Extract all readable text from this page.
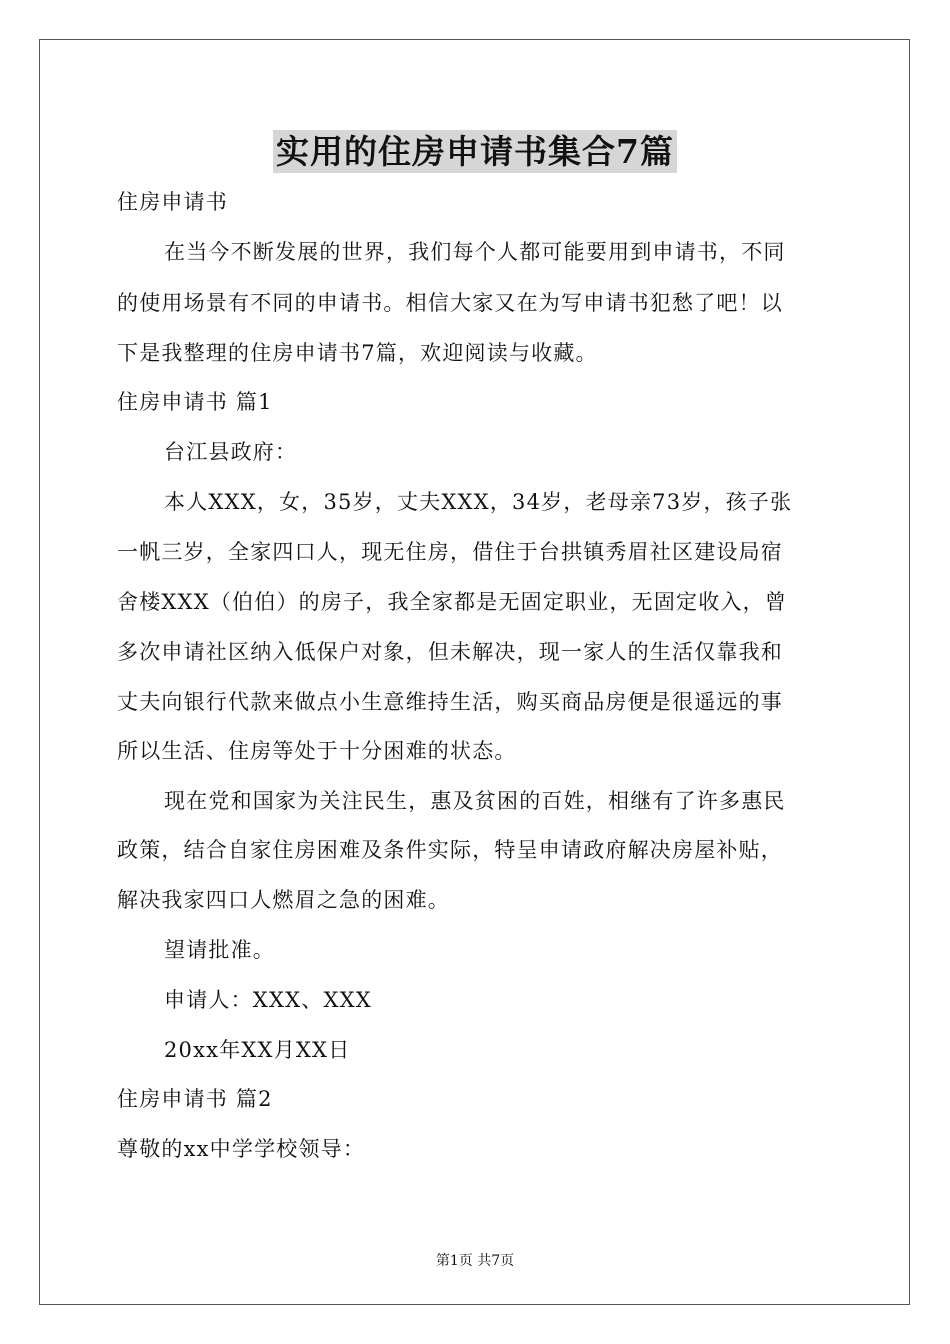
实用的住房申请书集合7篇
住房申请书
在当今不断发展的世界，我们每个人都可能要用到申请书，不同
的使用场景有不同的申请书。相信大家又在为写申请书犯愁了吧！以
下是我整理的住房申请书7篇，欢迎阅读与收藏。
住房申请书 篇1
台江县政府：
本人XXX，女，35岁，丈夫XXX，34岁，老母亲73岁，孩子张
一帆三岁，全家四口人，现无住房，借住于台拱镇秀眉社区建设局宿
舍楼XXX（伯伯）的房子，我全家都是无固定职业，无固定收入，曾
多次申请社区纳入低保户对象，但未解决，现一家人的生活仅靠我和
丈夫向银行代款来做点小生意维持生活，购买商品房便是很遥远的事
所以生活、住房等处于十分困难的状态。
现在党和国家为关注民生，惠及贫困的百姓，相继有了许多惠民
政策，结合自家住房困难及条件实际，特呈申请政府解决房屋补贴，
解决我家四口人燃眉之急的困难。
望请批准。
申请人：XXX、XXX
20xx年XX月XX日
住房申请书 篇2
尊敬的xx中学学校领导：
第1页 共7页
